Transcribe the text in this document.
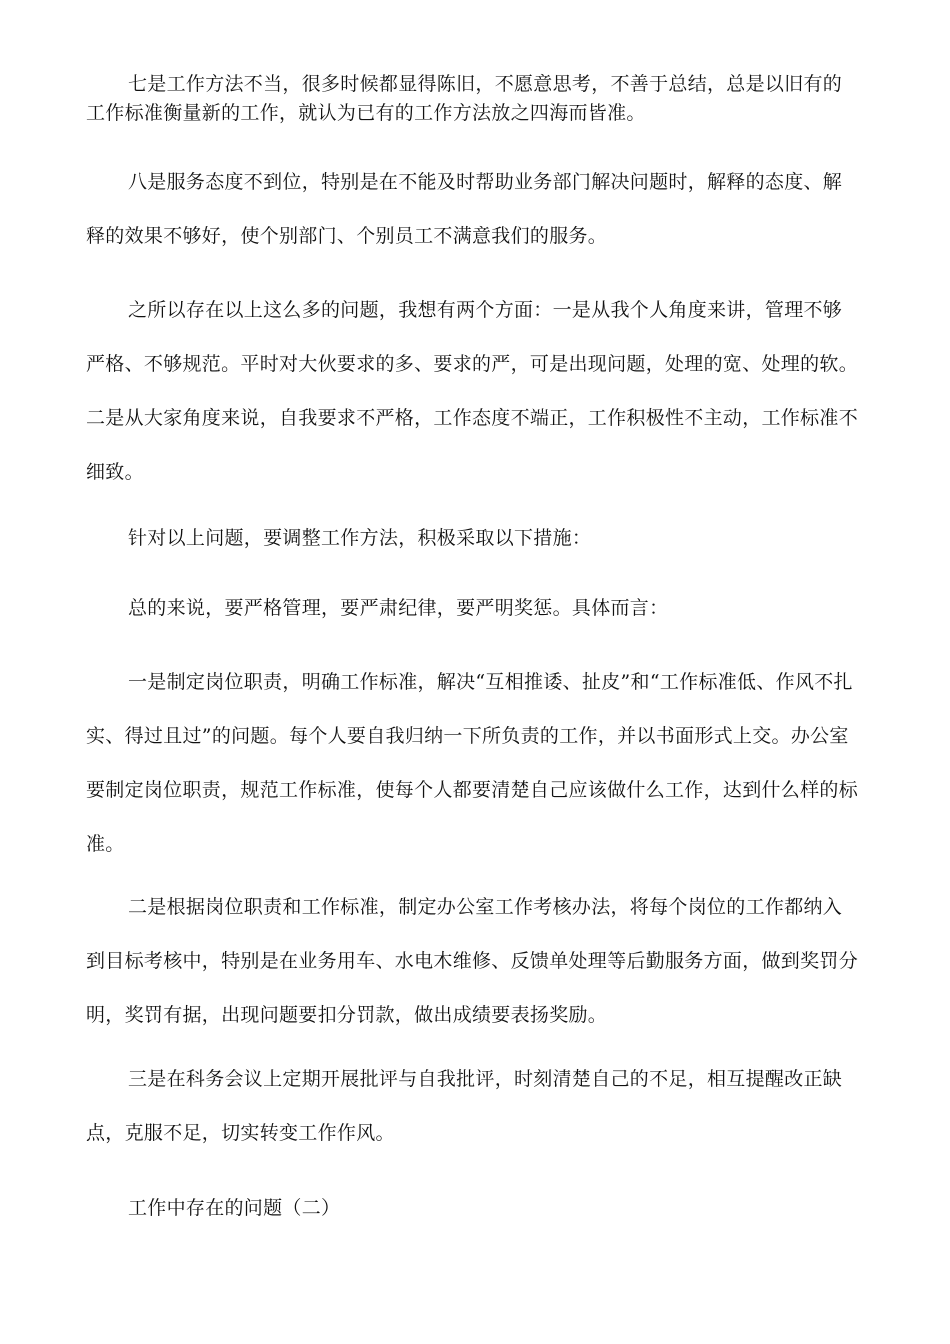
七是工作方法不当，很多时候都显得陈旧，不愿意思考，不善于总结，总是以旧有的工作标准衡量新的工作，就认为已有的工作方法放之四海而皆准。

八是服务态度不到位，特别是在不能及时帮助业务部门解决问题时，解释的态度、解释的效果不够好，使个别部门、个别员工不满意我们的服务。

之所以存在以上这么多的问题，我想有两个方面：一是从我个人角度来讲，管理不够严格、不够规范。平时对大伙要求的多、要求的严，可是出现问题，处理的宽、处理的软。二是从大家角度来说，自我要求不严格，工作态度不端正，工作积极性不主动，工作标准不细致。

针对以上问题，要调整工作方法，积极采取以下措施：

总的来说，要严格管理，要严肃纪律，要严明奖惩。具体而言：

一是制定岗位职责，明确工作标准，解决“互相推诿、扯皮”和“工作标准低、作风不扎实、得过且过”的问题。每个人要自我归纳一下所负责的工作，并以书面形式上交。办公室要制定岗位职责，规范工作标准，使每个人都要清楚自己应该做什么工作，达到什么样的标准。

二是根据岗位职责和工作标准，制定办公室工作考核办法，将每个岗位的工作都纳入到目标考核中，特别是在业务用车、水电木维修、反馈单处理等后勤服务方面，做到奖罚分明，奖罚有据，出现问题要扣分罚款，做出成绩要表扬奖励。

三是在科务会议上定期开展批评与自我批评，时刻清楚自己的不足，相互提醒改正缺点，克服不足，切实转变工作作风。

工作中存在的问题（二）
